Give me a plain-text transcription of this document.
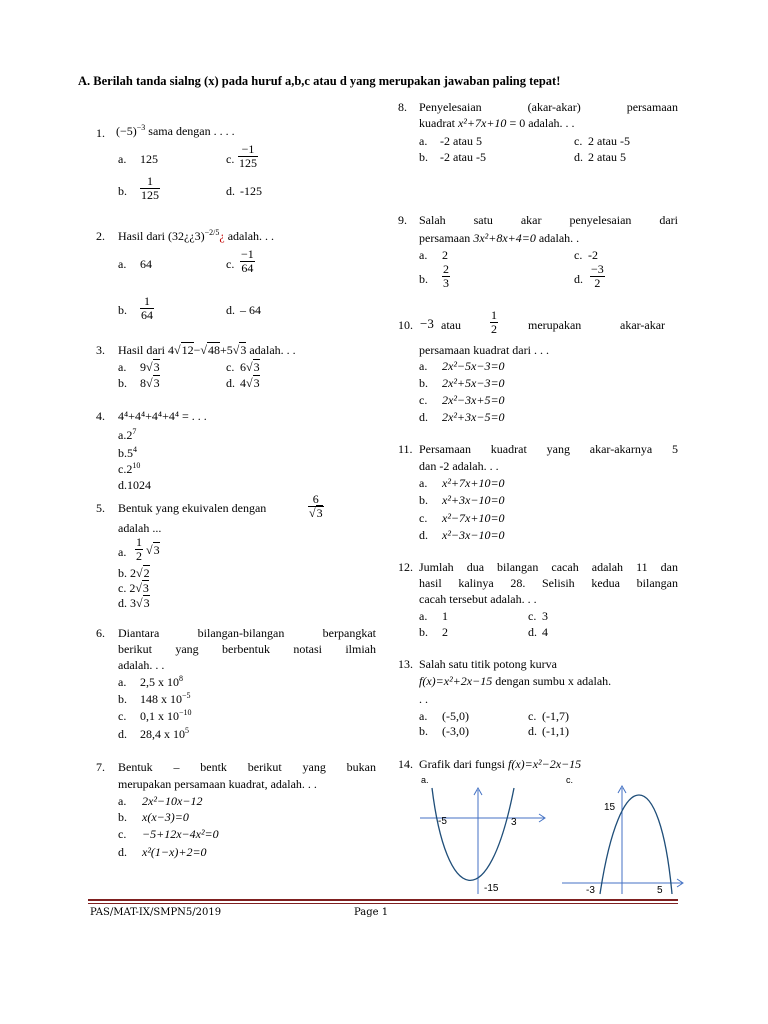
A. Berilah tanda sialng (x) pada huruf a,b,c atau d yang merupakan jawaban paling tepat!
1. $(-5)^{-3}$ sama dengan . . . .
a. 125	c. $\frac{-1}{125}$
b. $\frac{1}{125}$	d. -125
2. Hasil dari (32¿¿3)$^{-2/5}$¿ adalah. . .
a. 64	c. $\frac{-1}{64}$
b. $\frac{1}{64}$	d. – 64
3. Hasil dari 4√12−√48+5√3 adalah. . .
a. 9√3	c. 6√3
b. 8√3	d. 4√3
4. 4⁴+4⁴+4⁴+4⁴ = . . .
$a.2^7$
$b.5^4$
$c.2^{10}$
d.1024
5. Bentuk yang ekuivalen dengan	$\frac{6}{√3}$
adalah ...
a. $\frac{1}{2} √3$
b. 2√2
c. 2√3
d. 3√3
6. Diantara bilangan-bilangan berpangkat
berikut yang berbentuk notasi ilmiah
adalah. . .
a. 2,5 x $10^8$
b. 148 x $10^{-5}$
c. 0,1 x $10^{-10}$
d. 28,4 x $10^5$
7. Bentuk – bentk berikut yang bukan
merupakan persamaan kuadrat, adalah. . .
a. 2x²−10x−12
b. x(x−3)=0
c. −5+12x−4x²=0
d. x²(1−x)+2=0
8. Penyelesaian (akar-akar) persamaan
kuadrat x²+7x+10 = 0 adalah. . .
a. -2 atau 5	c. 2 atau -5
b. -2 atau -5	d. 2 atau 5
9. Salah satu akar penyelesaian dari
persamaan 3x²+8x+4=0 adalah. .
a. 2	c. -2
b. $\frac{2}{3}$	d. $\frac{-3}{2}$
10. −3 atau $\frac{1}{2}$	merupakan	akar-akar
persamaan kuadrat dari . . .
a. 2x²−5x−3=0
b. 2x²+5x−3=0
c. 2x²−3x+5=0
d. 2x²+3x−5=0
11. Persamaan kuadrat yang akar-akarnya 5
dan -2 adalah. . .
a. x²+7x+10=0
b. x²+3x−10=0
c. x²−7x+10=0
d. x²−3x−10=0
12. Jumlah dua bilangan cacah adalah 11 dan
hasil kalinya 28. Selisih kedua bilangan
cacah tersebut adalah. . .
a. 1	c. 3
b. 2	d. 4
13. Salah satu titik potong kurva
f(x)=x²+2x−15 dengan sumbu x adalah.
. .
a. (-5,0)	c. (-1,7)
b. (-3,0)	d. (-1,1)
14. Grafik dari fungsi f(x)=x²−2x−15
a.	c.
-5	3
-15
15
-3	5
PAS/MAT-IX/SMPN5/2019	Page 1
